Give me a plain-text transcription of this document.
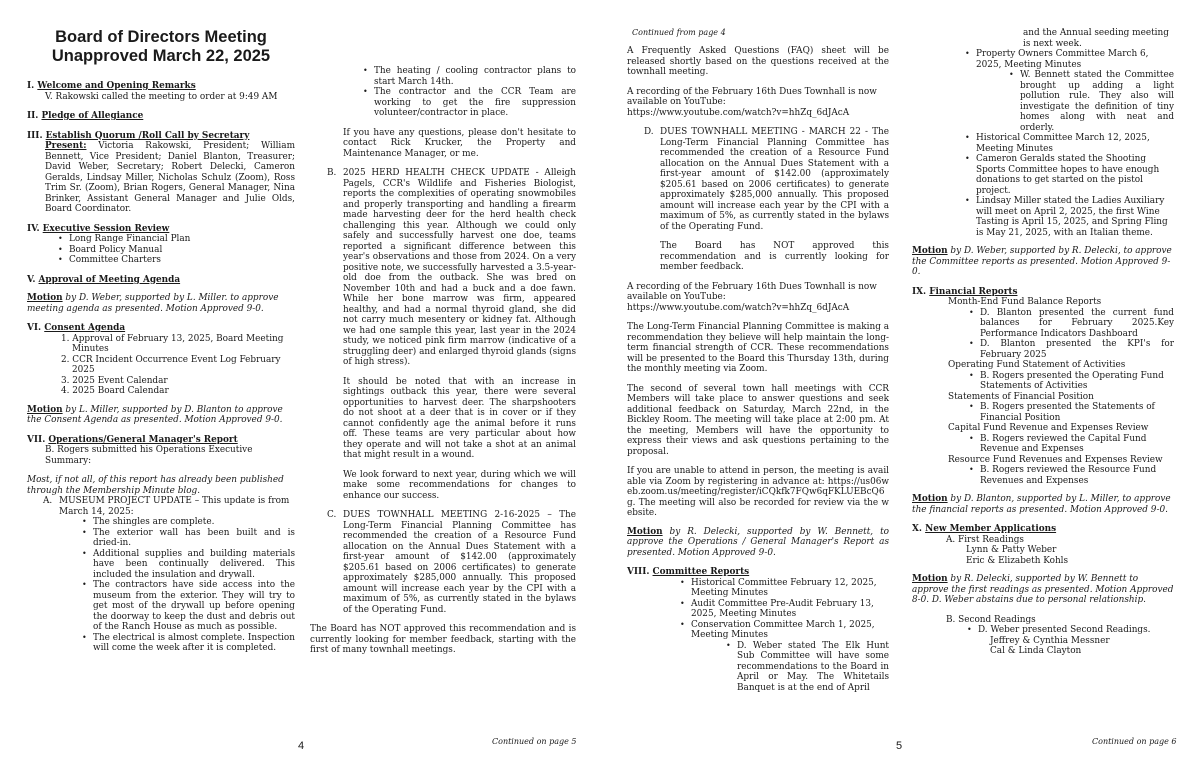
Board of Directors Meeting

Unapproved March 22, 2025

I. Welcome and Opening Remarks

V. Rakowski called the meeting to order at 9:49 AM

II. Pledge of Allegiance

III. Establish Quorum /Roll Call by Secretary

Present: Victoria Rakowski, President; William Bennett, Vice President; Daniel Blanton, Treasurer; David Weber, Secretary; Robert Delecki, Cameron Geralds, Lindsay Miller, Nicholas Schulz (Zoom), Ross Trim Sr. (Zoom), Brian Rogers, General Manager, Nina Brinker, Assistant General Manager and Julie Olds, Board Coordinator.

IV. Executive Session Review

• Long Range Financial Plan
• Board Policy Manual
• Committee Charters

V. Approval of Meeting Agenda

Motion by D. Weber, supported by L. Miller. to approve meeting agenda as presented. Motion Approved 9-0.

VI. Consent Agenda

1. Approval of February 13, 2025, Board Meeting Minutes

2. CCR Incident Occurrence Event Log February 2025

3. 2025 Event Calendar

4. 2025 Board Calendar

Motion by L. Miller, supported by D. Blanton to approve the Consent Agenda as presented. Motion Approved 9-0.

VII. Operations/General Manager's Report

B. Rogers submitted his Operations Executive Summary:

Most, if not all, of this report has already been published through the Membership Minute blog.

A. MUSEUM PROJECT UPDATE – This update is from March 14, 2025:

• The shingles are complete.
• The exterior wall has been built and is dried-in.
• Additional supplies and building materials have been continually delivered. This included the insulation and drywall.
• The contractors have side access into the museum from the exterior. They will try to get most of the drywall up before opening the doorway to keep the dust and debris out of the Ranch House as much as possible.
• The electrical is almost complete. Inspection will come the week after it is completed.
• The heating / cooling contractor plans to start March 14th.
• The contractor and the CCR Team are working to get the fire suppression volunteer/contractor in place.

If you have any questions, please don't hesitate to contact Rick Krucker, the Property and Maintenance Manager, or me.

B. 2025 HERD HEALTH CHECK UPDATE - Alleigh Pagels, CCR's Wildlife and Fisheries Biologist, reports the complexities of operating snowmobiles and properly transporting and handling a firearm made harvesting deer for the herd health check challenging this year. Although we could only safely and successfully harvest one doe, teams reported a significant difference between this year's observations and those from 2024. On a very positive note, we successfully harvested a 3.5-year-old doe from the outback. She was bred on November 10th and had a buck and a doe fawn. While her bone marrow was firm, appeared healthy, and had a normal thyroid gland, she did not carry much mesentery or kidney fat. Although we had one sample this year, last year in the 2024 study, we noticed pink firm marrow (indicative of a struggling deer) and enlarged thyroid glands (signs of high stress).

It should be noted that with an increase in sightings outback this year, there were several opportunities to harvest deer. The sharpshooters do not shoot at a deer that is in cover or if they cannot confidently age the animal before it runs off. These teams are very particular about how they operate and will not take a shot at an animal that might result in a wound.

We look forward to next year, during which we will make some recommendations for changes to enhance our success.

C. DUES TOWNHALL MEETING 2-16-2025 – The Long-Term Financial Planning Committee has recommended the creation of a Resource Fund allocation on the Annual Dues Statement with a first-year amount of $142.00 (approximately $205.61 based on 2006 certificates) to generate approximately $285,000 annually. This proposed amount will increase each year by the CPI with a maximum of 5%, as currently stated in the bylaws of the Operating Fund.

The Board has NOT approved this recommendation and is currently looking for member feedback, starting with the first of many townhall meetings.

4	Continued on page 5
Continued from page 4

A Frequently Asked Questions (FAQ) sheet will be released shortly based on the questions received at the townhall meeting.

A recording of the February 16th Dues Townhall is now available on YouTube:

https://www.youtube.com/watch?v=hhZq_6dJAcA

D. DUES TOWNHALL MEETING - MARCH 22 - The Long-Term Financial Planning Committee has recommended the creation of a Resource Fund allocation on the Annual Dues Statement with a first-year amount of $142.00 (approximately $205.61 based on 2006 certificates) to generate approximately $285,000 annually. This proposed amount will increase each year by the CPI with a maximum of 5%, as currently stated in the bylaws of the Operating Fund.

The Board has NOT approved this recommendation and is currently looking for member feedback.

A recording of the February 16th Dues Townhall is now available on YouTube:

https://www.youtube.com/watch?v=hhZq_6dJAcA

The Long-Term Financial Planning Committee is making a recommendation they believe will help maintain the long-term financial strength of CCR. These recommendations will be presented to the Board this Thursday 13th, during the monthly meeting via Zoom.

The second of several town hall meetings with CCR Members will take place to answer questions and seek additional feedback on Saturday, March 22nd, in the Bickley Room. The meeting will take place at 2:00 pm. At the meeting, Members will have the opportunity to express their views and ask questions pertaining to the proposal.

If you are unable to attend in person, the meeting is available via Zoom by registering in advance at: https://us06web.zoom.us/meeting/register/iCQkfk7FQw6qFKLUEBcQ6g. The meeting will also be recorded for review via the website.

Motion by R. Delecki, supported by W. Bennett, to approve the Operations / General Manager's Report as presented. Motion Approved 9-0.

VIII. Committee Reports

• Historical Committee February 12, 2025, Meeting Minutes
• Audit Committee Pre-Audit February 13, 2025, Meeting Minutes
• Conservation Committee March 1, 2025, Meeting Minutes
• D. Weber stated The Elk Hunt Sub Committee will have some recommendations to the Board in April or May. The Whitetails Banquet is at the end of April

and the Annual seeding meeting is next week.

• Property Owners Committee March 6, 2025, Meeting Minutes
• W. Bennett stated the Committee brought up adding a light pollution rule. They also will investigate the definition of tiny homes along with neat and orderly.
• Historical Committee March 12, 2025, Meeting Minutes
• Cameron Geralds stated the Shooting Sports Committee hopes to have enough donations to get started on the pistol project.
• Lindsay Miller stated the Ladies Auxiliary will meet on April 2, 2025, the first Wine Tasting is April 15, 2025, and Spring Fling is May 21, 2025, with an Italian theme.

Motion by D. Weber, supported by R. Delecki, to approve the Committee reports as presented. Motion Approved 9-0.

IX. Financial Reports

Month-End Fund Balance Reports

• D. Blanton presented the current fund balances for February 2025.Key Performance Indicators Dashboard
• D. Blanton presented the KPI's for February 2025

Operating Fund Statement of Activities

• B. Rogers presented the Operating Fund Statements of Activities

Statements of Financial Position

• B. Rogers presented the Statements of Financial Position

Capital Fund Revenue and Expenses Review

• B. Rogers reviewed the Capital Fund Revenue and Expenses

Resource Fund Revenues and Expenses Review

• B. Rogers reviewed the Resource Fund Revenues and Expenses

Motion by D. Blanton, supported by L. Miller, to approve the financial reports as presented. Motion Approved 9-0.

X. New Member Applications

A. First Readings

Lynn & Patty Weber

Eric & Elizabeth Kohls

Motion by R. Delecki, supported by W. Bennett to approve the first readings as presented. Motion Approved 8-0. D. Weber abstains due to personal relationship.

B. Second Readings

• D. Weber presented Second Readings.

Jeffrey & Cynthia Messner

Cal & Linda Clayton

5	Continued on page 6
